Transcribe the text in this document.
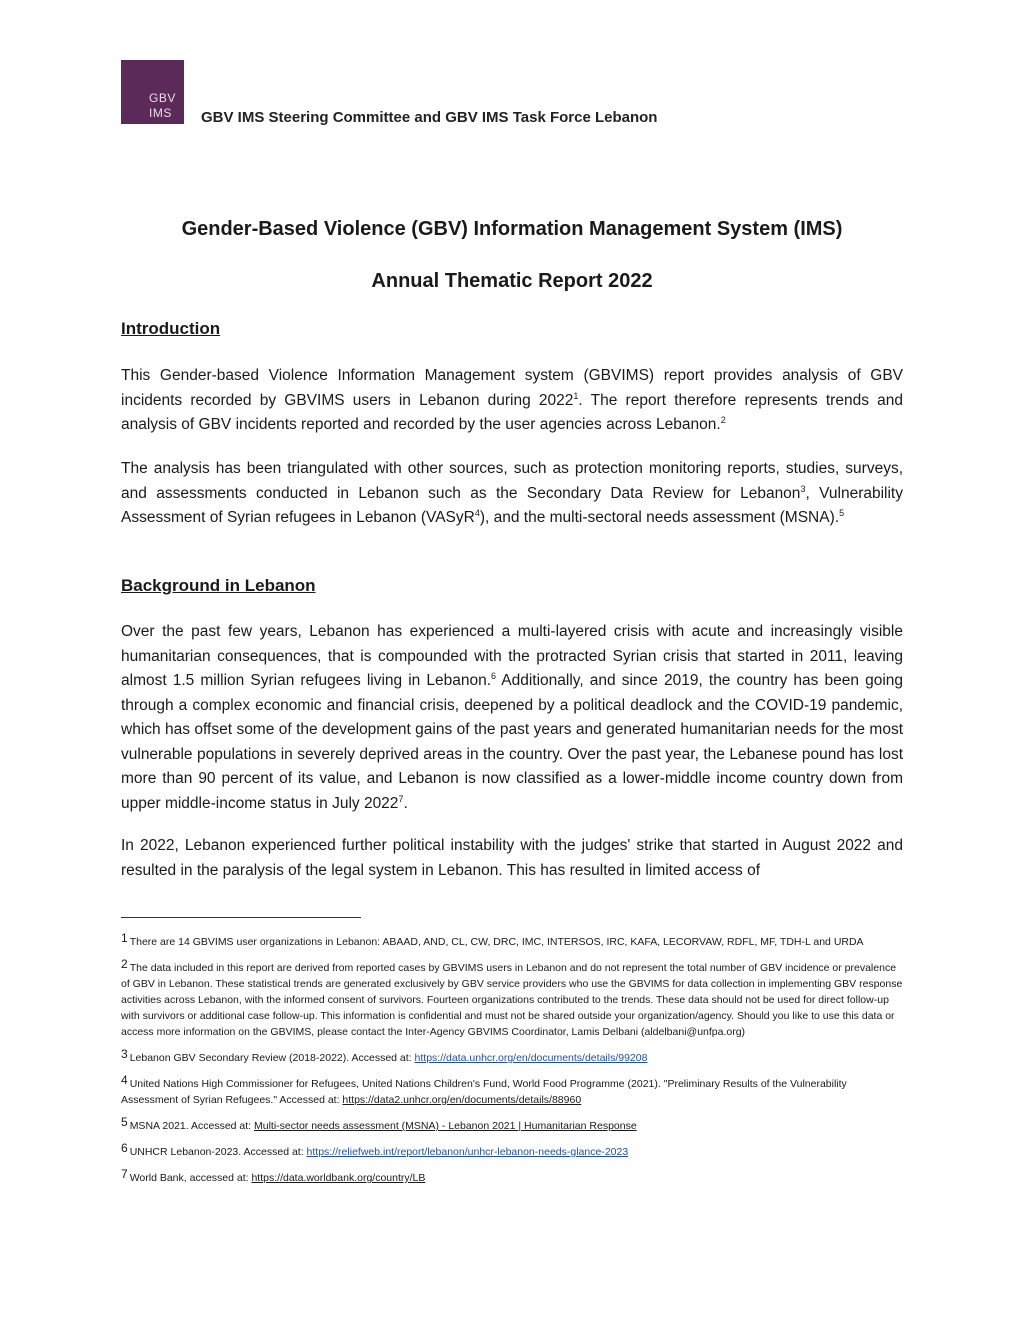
GBV
IMS	GBV IMS Steering Committee and GBV IMS Task Force Lebanon
Gender-Based Violence (GBV) Information Management System (IMS)
Annual Thematic Report 2022
Introduction

This Gender-based Violence Information Management system (GBVIMS) report provides analysis of GBV incidents recorded by GBVIMS users in Lebanon during 2022$^1$. The report therefore represents trends and analysis of GBV incidents reported and recorded by the user agencies across Lebanon.$^2$

The analysis has been triangulated with other sources, such as protection monitoring reports, studies, surveys, and assessments conducted in Lebanon such as the Secondary Data Review for Lebanon$^3$, Vulnerability Assessment of Syrian refugees in Lebanon (VASyR$^4$), and the multi-sectoral needs assessment (MSNA).$^5$

Background in Lebanon

Over the past few years, Lebanon has experienced a multi-layered crisis with acute and increasingly visible humanitarian consequences, that is compounded with the protracted Syrian crisis that started in 2011, leaving almost 1.5 million Syrian refugees living in Lebanon.$^6$ Additionally, and since 2019, the country has been going through a complex economic and financial crisis, deepened by a political deadlock and the COVID-19 pandemic, which has offset some of the development gains of the past years and generated humanitarian needs for the most vulnerable populations in severely deprived areas in the country. Over the past year, the Lebanese pound has lost more than 90 percent of its value, and Lebanon is now classified as a lower-middle income country down from upper middle-income status in July 2022$^7$.

In 2022, Lebanon experienced further political instability with the judges' strike that started in August 2022 and resulted in the paralysis of the legal system in Lebanon. This has resulted in limited access of

1 There are 14 GBVIMS user organizations in Lebanon: ABAAD, AND, CL, CW, DRC, IMC, INTERSOS, IRC, KAFA, LECORVAW, RDFL, MF, TDH-L and URDA

2 The data included in this report are derived from reported cases by GBVIMS users in Lebanon and do not represent the total number of GBV incidence or prevalence of GBV in Lebanon. These statistical trends are generated exclusively by GBV service providers who use the GBVIMS for data collection in implementing GBV response activities across Lebanon, with the informed consent of survivors. Fourteen organizations contributed to the trends. These data should not be used for direct follow-up with survivors or additional case follow-up. This information is confidential and must not be shared outside your organization/agency. Should you like to use this data or access more information on the GBVIMS, please contact the Inter-Agency GBVIMS Coordinator, Lamis Delbani (aldelbani@unfpa.org)

3 Lebanon GBV Secondary Review (2018-2022). Accessed at: https://data.unhcr.org/en/documents/details/99208

4 United Nations High Commissioner for Refugees, United Nations Children's Fund, World Food Programme (2021). "Preliminary Results of the Vulnerability Assessment of Syrian Refugees." Accessed at: https://data2.unhcr.org/en/documents/details/88960

5 MSNA 2021. Accessed at: Multi-sector needs assessment (MSNA) - Lebanon 2021 | Humanitarian Response

6 UNHCR Lebanon-2023. Accessed at: https://reliefweb.int/report/lebanon/unhcr-lebanon-needs-glance-2023

7 World Bank, accessed at: https://data.worldbank.org/country/LB
